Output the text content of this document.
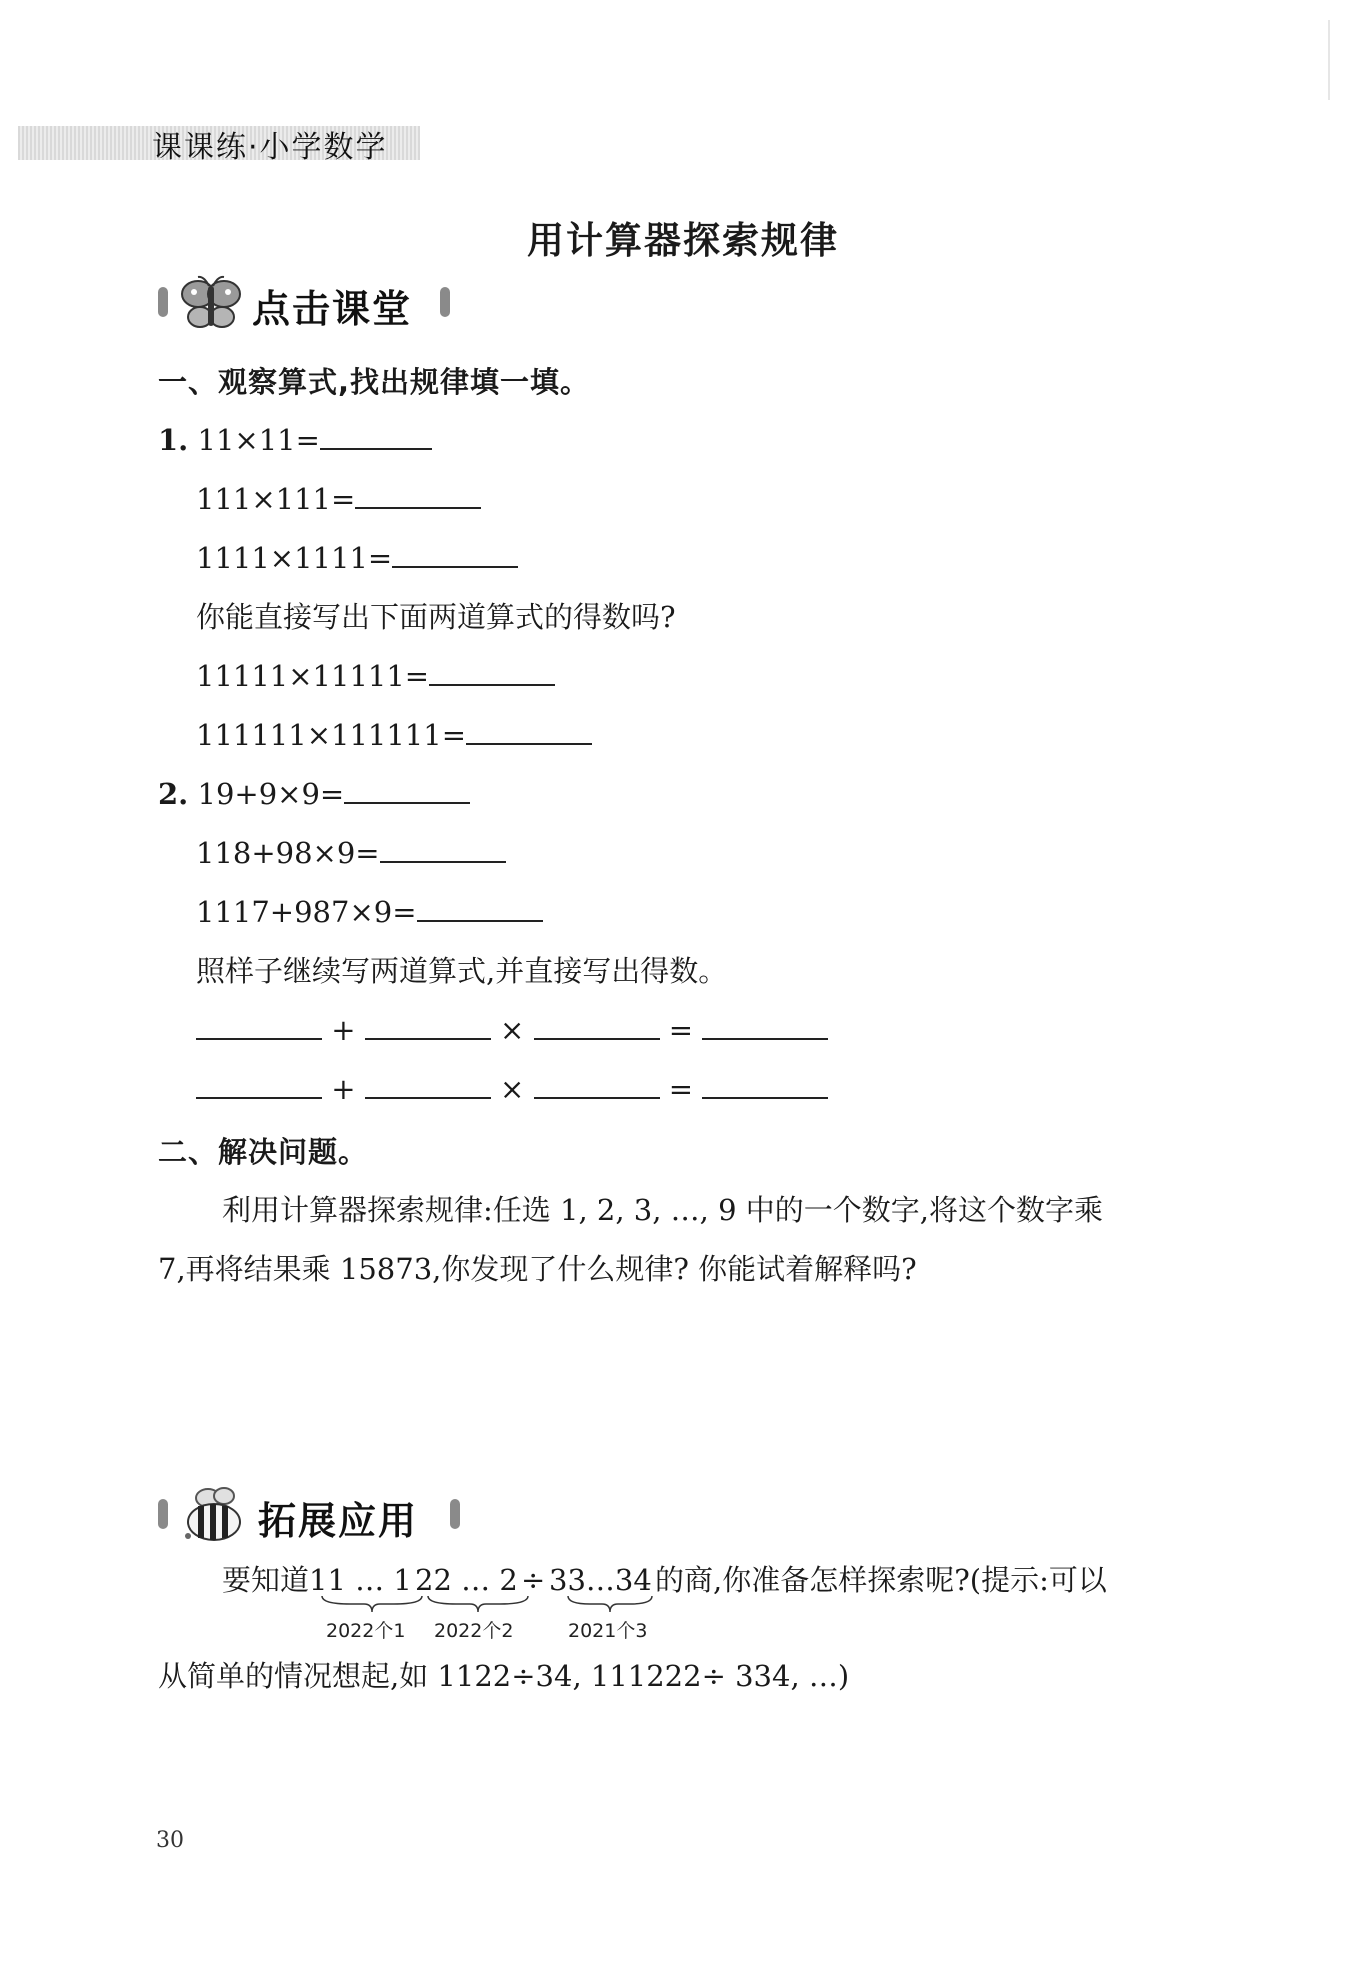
课课练·小学数学
用计算器探索规律
点击课堂
一、观察算式,找出规律填一填。
1. 11×11=
111×111=
1111×1111=
你能直接写出下面两道算式的得数吗?
11111×11111=
111111×111111=
2. 19+9×9=
118+98×9=
1117+987×9=
照样子继续写两道算式,并直接写出得数。
+	×	=
+	×	=
二、解决问题。
利用计算器探索规律:任选 1, 2, 3, …, 9 中的一个数字,将这个数字乘
7,再将结果乘 15873,你发现了什么规律? 你能试着解释吗?
拓展应用
要知道11 … 1 22 … 2 ÷ 33…34 的商,你准备怎样探索呢?(提示:可以
2022个1 2022个2	2021个3
从简单的情况想起,如 1122÷34, 111222÷ 334, …)
30
